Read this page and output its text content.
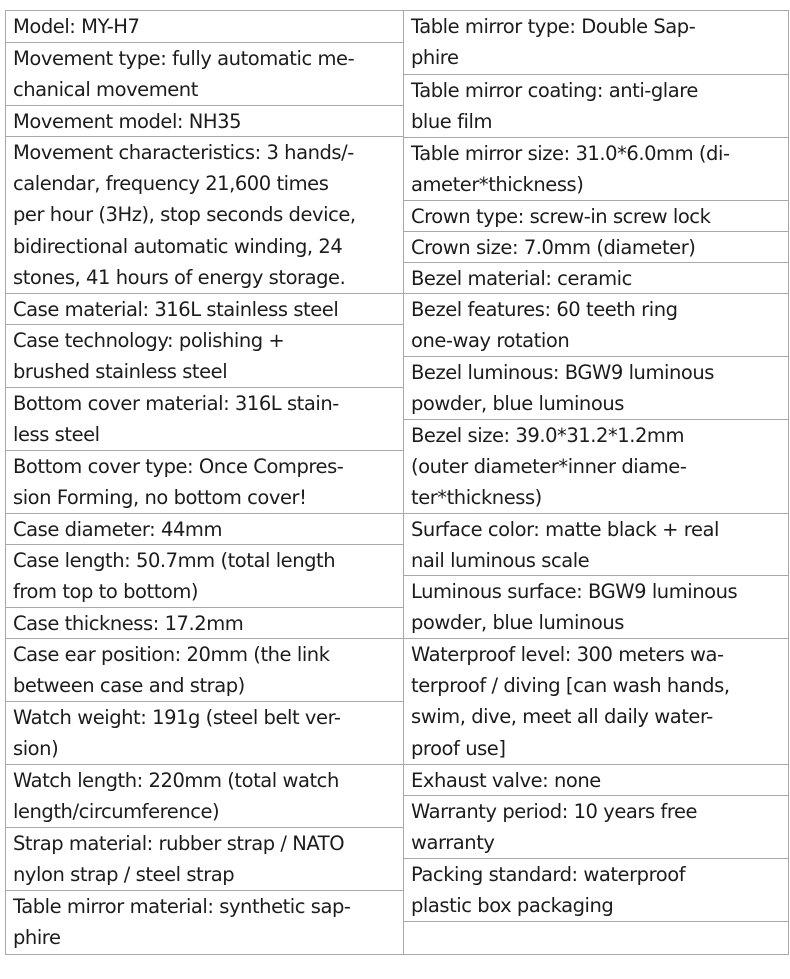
Model: MY-H7
Movement type: fully automatic me-
chanical movement
Movement model: NH35
Movement characteristics: 3 hands/-
calendar, frequency 21,600 times
per hour (3Hz), stop seconds device,
bidirectional automatic winding, 24
stones, 41 hours of energy storage.
Case material: 316L stainless steel
Case technology: polishing +
brushed stainless steel
Bottom cover material: 316L stain-
less steel
Bottom cover type: Once Compres-
sion Forming, no bottom cover!
Case diameter: 44mm
Case length: 50.7mm (total length
from top to bottom)
Case thickness: 17.2mm
Case ear position: 20mm (the link
between case and strap)
Watch weight: 191g (steel belt ver-
sion)
Watch length: 220mm (total watch
length/circumference)
Strap material: rubber strap / NATO
nylon strap / steel strap
Table mirror material: synthetic sap-
phire
Table mirror type: Double Sap-
phire
Table mirror coating: anti-glare
blue film
Table mirror size: 31.0*6.0mm (di-
ameter*thickness)
Crown type: screw-in screw lock
Crown size: 7.0mm (diameter)
Bezel material: ceramic
Bezel features: 60 teeth ring
one-way rotation
Bezel luminous: BGW9 luminous
powder, blue luminous
Bezel size: 39.0*31.2*1.2mm
(outer diameter*inner diame-
ter*thickness)
Surface color: matte black + real
nail luminous scale
Luminous surface: BGW9 luminous
powder, blue luminous
Waterproof level: 300 meters wa-
terproof / diving [can wash hands,
swim, dive, meet all daily water-
proof use]
Exhaust valve: none
Warranty period: 10 years free
warranty
Packing standard: waterproof
plastic box packaging
